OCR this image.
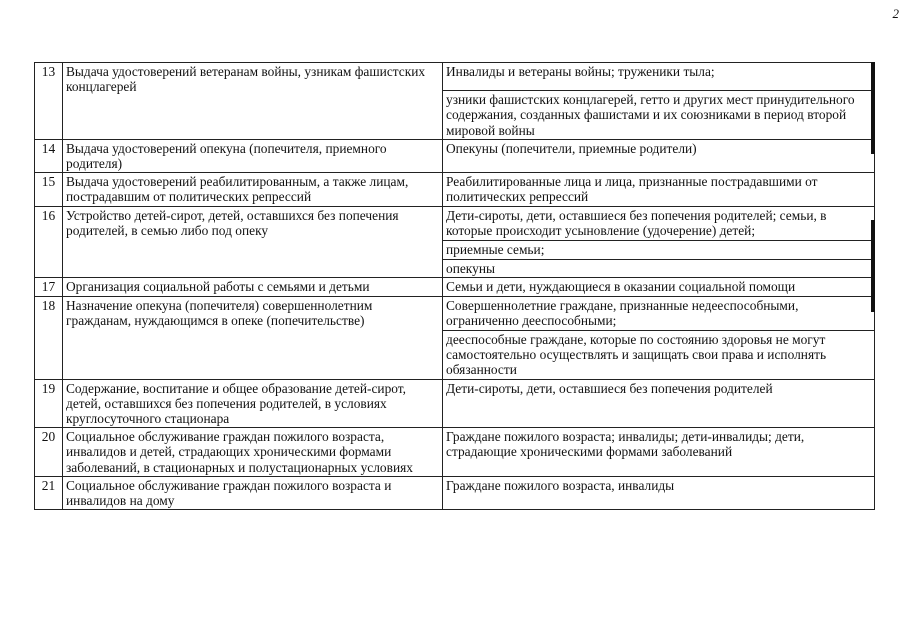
2
13	Выдача удостоверений ветеранам войны, узникам фашистских концлагерей	Инвалиды и ветераны войны; труженики тыла;
узники фашистских концлагерей, гетто и других мест принудительного содержания, созданных фашистами и их союзниками в период второй мировой войны

14	Выдача удостоверений опекуна (попечителя, приемного родителя)	Опекуны (попечители, приемные родители)

15	Выдача удостоверений реабилитированным, а также лицам, пострадавшим от политических репрессий	Реабилитированные лица и лица, признанные пострадавшими от политических репрессий

16	Устройство детей-сирот, детей, оставшихся без попечения родителей, в семью либо под опеку	Дети-сироты, дети, оставшиеся без попечения родителей; семьи, в которые происходит усыновление (удочерение) детей;
приемные семьи;
опекуны

17	Организация социальной работы с семьями и детьми	Семьи и дети, нуждающиеся в оказании социальной помощи

18	Назначение опекуна (попечителя) совершеннолетним гражданам, нуждающимся в опеке (попечительстве)	Совершеннолетние граждане, признанные недееспособными, ограниченно дееспособными;
дееспособные граждане, которые по состоянию здоровья не могут самостоятельно осуществлять и защищать свои права и исполнять обязанности

19	Содержание, воспитание и общее образование детей-сирот, детей, оставшихся без попечения родителей, в условиях круглосуточного стационара	Дети-сироты, дети, оставшиеся без попечения родителей

20	Социальное обслуживание граждан пожилого возраста, инвалидов и детей, страдающих хроническими формами заболеваний, в стационарных и полустационарных условиях	Граждане пожилого возраста; инвалиды; дети-инвалиды; дети, страдающие хроническими формами заболеваний

21	Социальное обслуживание граждан пожилого возраста и инвалидов на дому	Граждане пожилого возраста, инвалиды
